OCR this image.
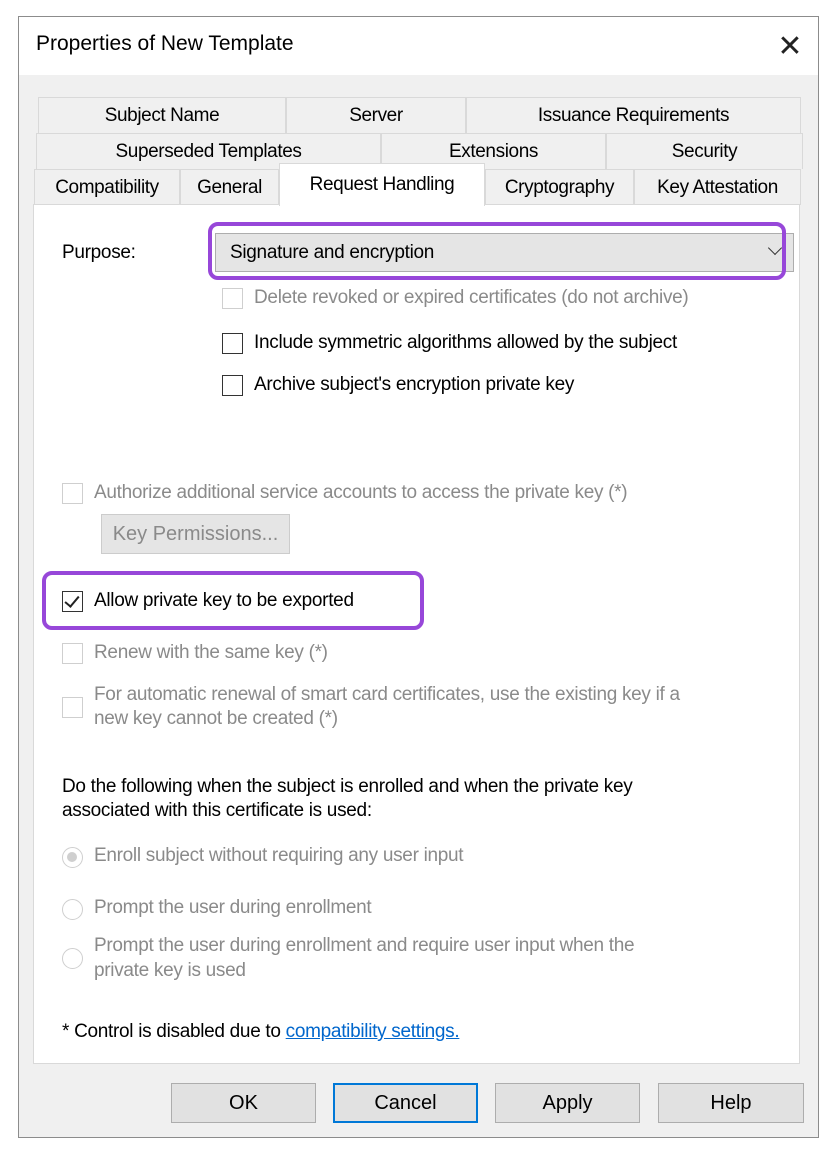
Properties of New Template	✕
Subject Name	Server	Issuance Requirements
Superseded Templates	Extensions	Security
Compatibility General	Request Handling	Cryptography Key Attestation
Purpose:	Signature and encryption
Delete revoked or expired certificates (do not archive)
Include symmetric algorithms allowed by the subject
Archive subject's encryption private key
Authorize additional service accounts to access the private key (*)
Key Permissions...
Allow private key to be exported
Renew with the same key (*)
For automatic renewal of smart card certificates, use the existing key if a
new key cannot be created (*)
Do the following when the subject is enrolled and when the private key
associated with this certificate is used:
Enroll subject without requiring any user input
Prompt the user during enrollment
Prompt the user during enrollment and require user input when the
private key is used
* Control is disabled due to compatibility settings.
OK	Cancel	Apply	Help
